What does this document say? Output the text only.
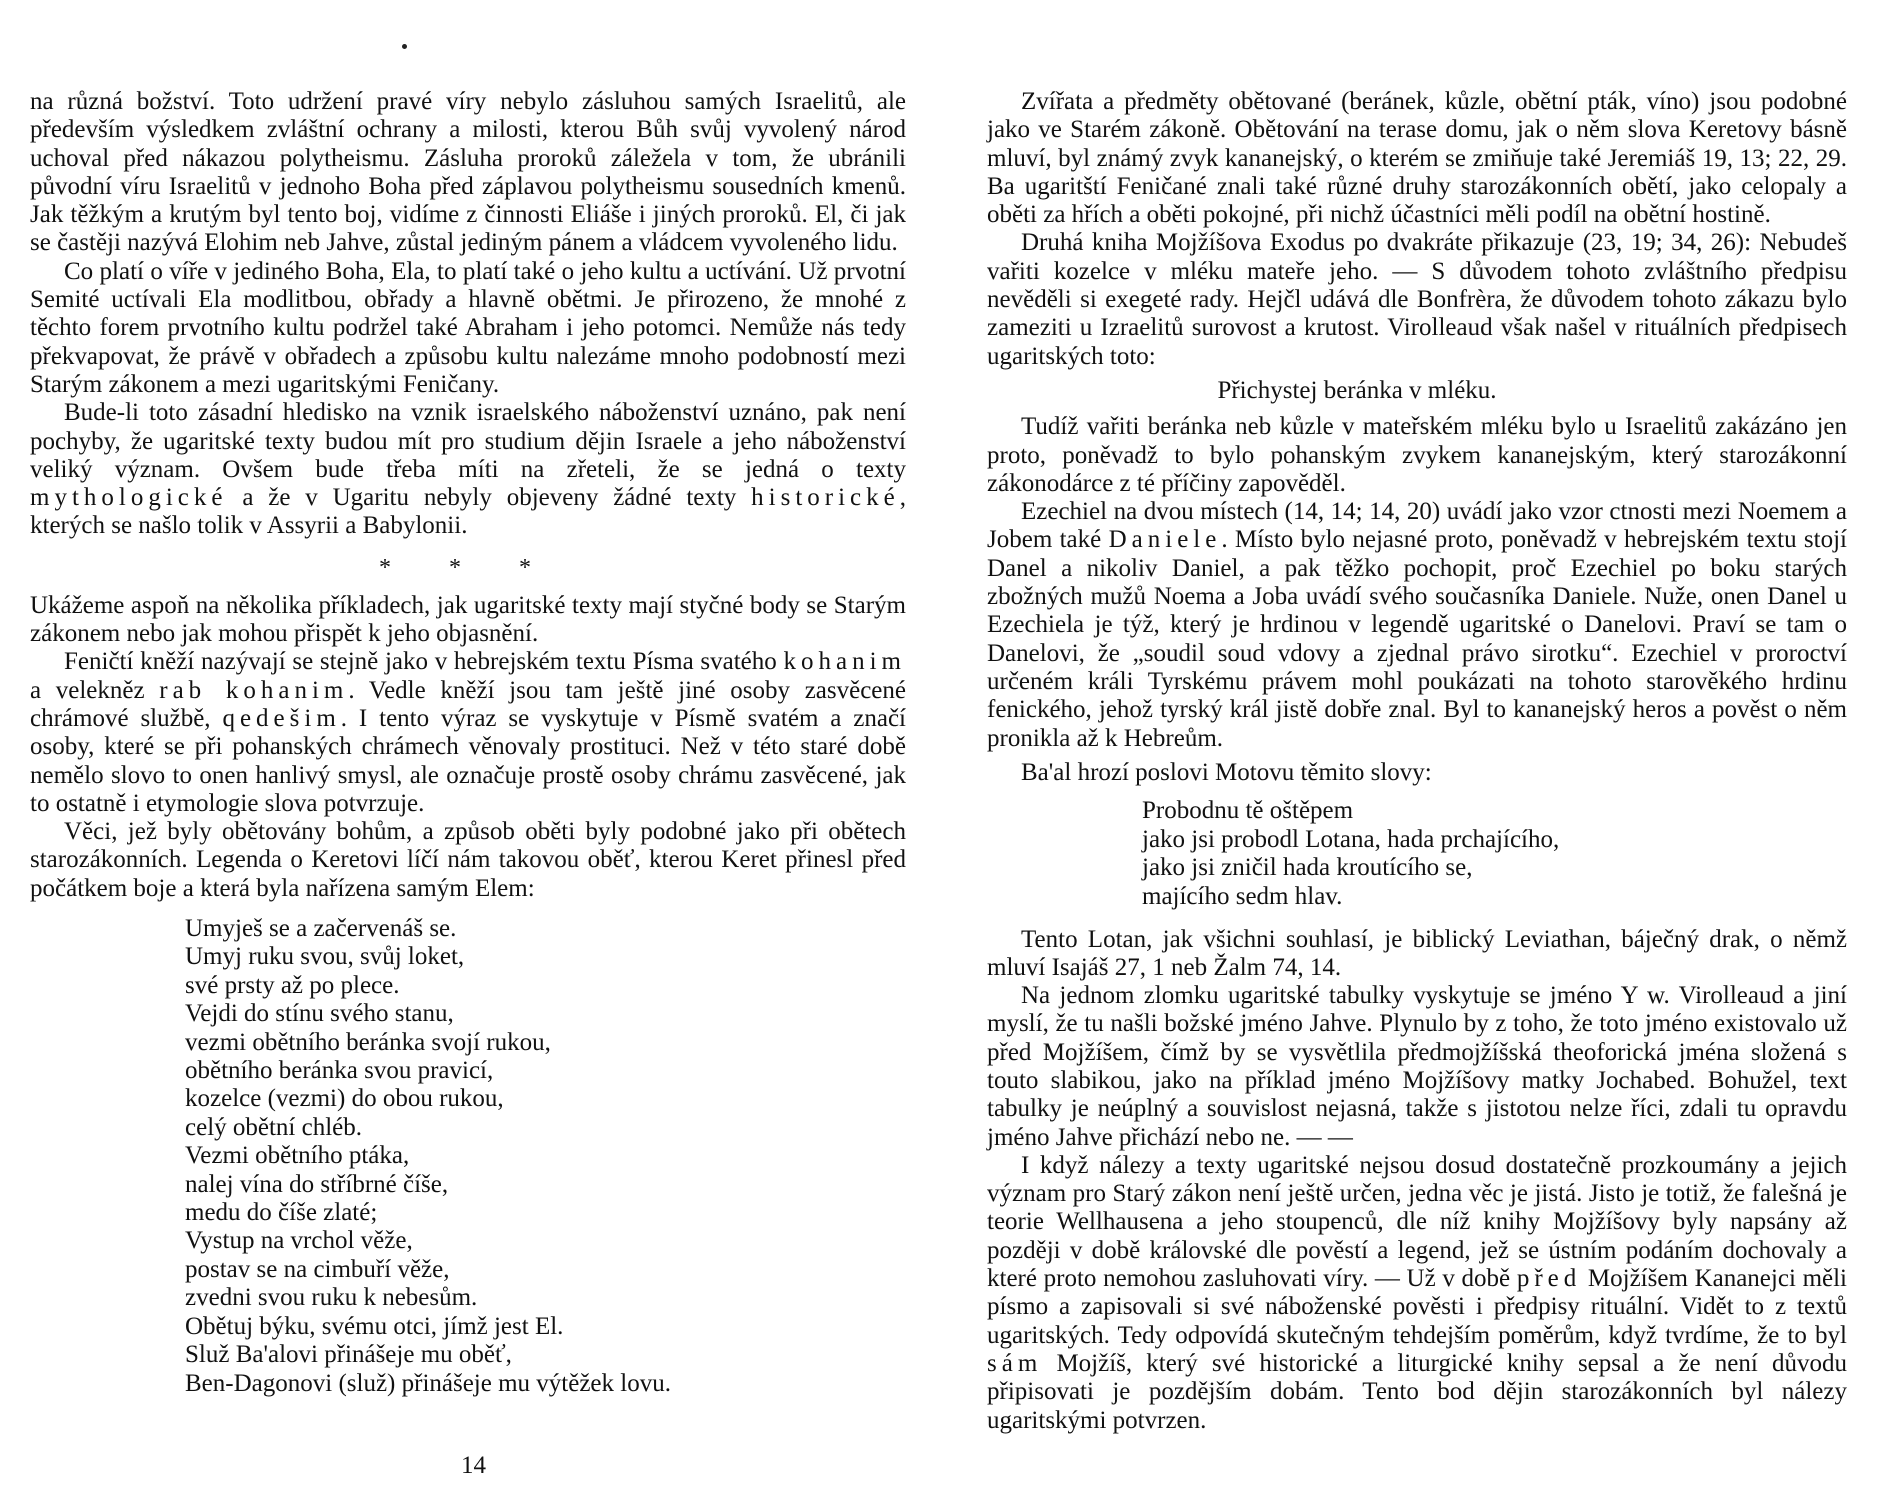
na různá božství. Toto udržení pravé víry nebylo zásluhou samých Israelitů, ale především výsledkem zvláštní ochrany a milosti, kterou Bůh svůj vyvolený národ uchoval před nákazou polytheismu. Zásluha proroků záležela v tom, že ubránili původní víru Israelitů v jednoho Boha před záplavou polytheismu sousedních kmenů. Jak těžkým a krutým byl tento boj, vidíme z činnosti Eliáše i jiných proroků. El, či jak se častěji nazývá Elohim neb Jahve, zůstal jediným pánem a vládcem vyvoleného lidu.

Co platí o víře v jediného Boha, Ela, to platí také o jeho kultu a uctívání. Už prvotní Semité uctívali Ela modlitbou, obřady a hlavně obětmi. Je přirozeno, že mnohé z těchto forem prvotního kultu podržel také Abraham i jeho potomci. Nemůže nás tedy překvapovat, že právě v obřadech a způsobu kultu nalezáme mnoho podobností mezi Starým zákonem a mezi ugaritskými Feničany.

Bude-li toto zásadní hledisko na vznik israelského náboženství uznáno, pak není pochyby, že ugaritské texty budou mít pro studium dějin Israele a jeho náboženství veliký význam. Ovšem bude třeba míti na zřeteli, že se jedná o texty mythologické a že v Ugaritu nebyly objeveny žádné texty historické, kterých se našlo tolik v Assyrii a Babylonii.

* * *

Ukážeme aspoň na několika příkladech, jak ugaritské texty mají styčné body se Starým zákonem nebo jak mohou přispět k jeho objasnění.

Feničtí kněží nazývají se stejně jako v hebrejském textu Písma svatého kohanim a velekněz rab kohanim. Vedle kněží jsou tam ještě jiné osoby zasvěcené chrámové službě, qedešim. I tento výraz se vyskytuje v Písmě svatém a značí osoby, které se při pohanských chrámech věnovaly prostituci. Než v této staré době nemělo slovo to onen hanlivý smysl, ale označuje prostě osoby chrámu zasvěcené, jak to ostatně i etymologie slova potvrzuje.

Věci, jež byly obětovány bohům, a způsob oběti byly podobné jako při obětech starozákonních. Legenda o Keretovi líčí nám takovou oběť, kterou Keret přinesl před počátkem boje a která byla nařízena samým Elem:

Umyješ se a začervenáš se.
Umyj ruku svou, svůj loket,
své prsty až po plece.
Vejdi do stínu svého stanu,
vezmi obětního beránka svojí rukou,
obětního beránka svou pravicí,
kozelce (vezmi) do obou rukou,
celý obětní chléb.
Vezmi obětního ptáka,
nalej vína do stříbrné číše,
medu do číše zlaté;
Vystup na vrchol věže,
postav se na cimbuří věže,
zvedni svou ruku k nebesům.
Obětuj býku, svému otci, jímž jest El.
Služ Ba'alovi přinášeje mu oběť,
Ben-Dagonovi (služ) přinášeje mu výtěžek lovu.
14

Zvířata a předměty obětované (beránek, kůzle, obětní pták, víno) jsou podobné jako ve Starém zákoně. Obětování na terase domu, jak o něm slova Keretovy básně mluví, byl známý zvyk kananejský, o kterém se zmiňuje také Jeremiáš 19, 13; 22, 29. Ba ugaritští Feničané znali také různé druhy starozákonních obětí, jako celopaly a oběti za hřích a oběti pokojné, při nichž účastníci měli podíl na obětní hostině.

Druhá kniha Mojžíšova Exodus po dvakráte přikazuje (23, 19; 34, 26): Nebudeš vařiti kozelce v mléku mateře jeho. — S důvodem tohoto zvláštního předpisu nevěděli si exegeté rady. Hejčl udává dle Bonfrèra, že důvodem tohoto zákazu bylo zameziti u Izraelitů surovost a krutost. Virolleaud však našel v rituálních předpisech ugaritských toto:

Přichystej beránka v mléku.

Tudíž vařiti beránka neb kůzle v mateřském mléku bylo u Israelitů zakázáno jen proto, poněvadž to bylo pohanským zvykem kananejským, který starozákonní zákonodárce z té příčiny zapověděl.

Ezechiel na dvou místech (14, 14; 14, 20) uvádí jako vzor ctnosti mezi Noemem a Jobem také Daniele. Místo bylo nejasné proto, poněvadž v hebrejském textu stojí Danel a nikoliv Daniel, a pak těžko pochopit, proč Ezechiel po boku starých zbožných mužů Noema a Joba uvádí svého současníka Daniele. Nuže, onen Danel u Ezechiela je týž, který je hrdinou v legendě ugaritské o Danelovi. Praví se tam o Danelovi, že „soudil soud vdovy a zjednal právo sirotku“. Ezechiel v proroctví určeném králi Tyrskému právem mohl poukázati na tohoto starověkého hrdinu fenického, jehož tyrský král jistě dobře znal. Byl to kananejský heros a pověst o něm pronikla až k Hebreům.

Ba'al hrozí poslovi Motovu těmito slovy:

Probodnu tě oštěpem
jako jsi probodl Lotana, hada prchajícího,
jako jsi zničil hada kroutícího se,
majícího sedm hlav.

Tento Lotan, jak všichni souhlasí, je biblický Leviathan, báječný drak, o němž mluví Isajáš 27, 1 neb Žalm 74, 14.

Na jednom zlomku ugaritské tabulky vyskytuje se jméno Y w. Virolleaud a jiní myslí, že tu našli božské jméno Jahve. Plynulo by z toho, že toto jméno existovalo už před Mojžíšem, čímž by se vysvětlila předmojžíšská theoforická jména složená s touto slabikou, jako na příklad jméno Mojžíšovy matky Jochabed. Bohužel, text tabulky je neúplný a souvislost nejasná, takže s jistotou nelze říci, zdali tu opravdu jméno Jahve přichází nebo ne. — —

I když nálezy a texty ugaritské nejsou dosud dostatečně prozkoumány a jejich význam pro Starý zákon není ještě určen, jedna věc je jistá. Jisto je totiž, že falešná je teorie Wellhausena a jeho stoupenců, dle níž knihy Mojžíšovy byly napsány až později v době královské dle pověstí a legend, jež se ústním podáním dochovaly a které proto nemohou zasluhovati víry. — Už v době před Mojžíšem Kananejci měli písmo a zapisovali si své náboženské pověsti i předpisy rituální. Vidět to z textů ugaritských. Tedy odpovídá skutečným tehdejším poměrům, když tvrdíme, že to byl sám Mojžíš, který své historické a liturgické knihy sepsal a že není důvodu připisovati je pozdějším dobám. Tento bod dějin starozákonních byl nálezy ugaritskými potvrzen.
